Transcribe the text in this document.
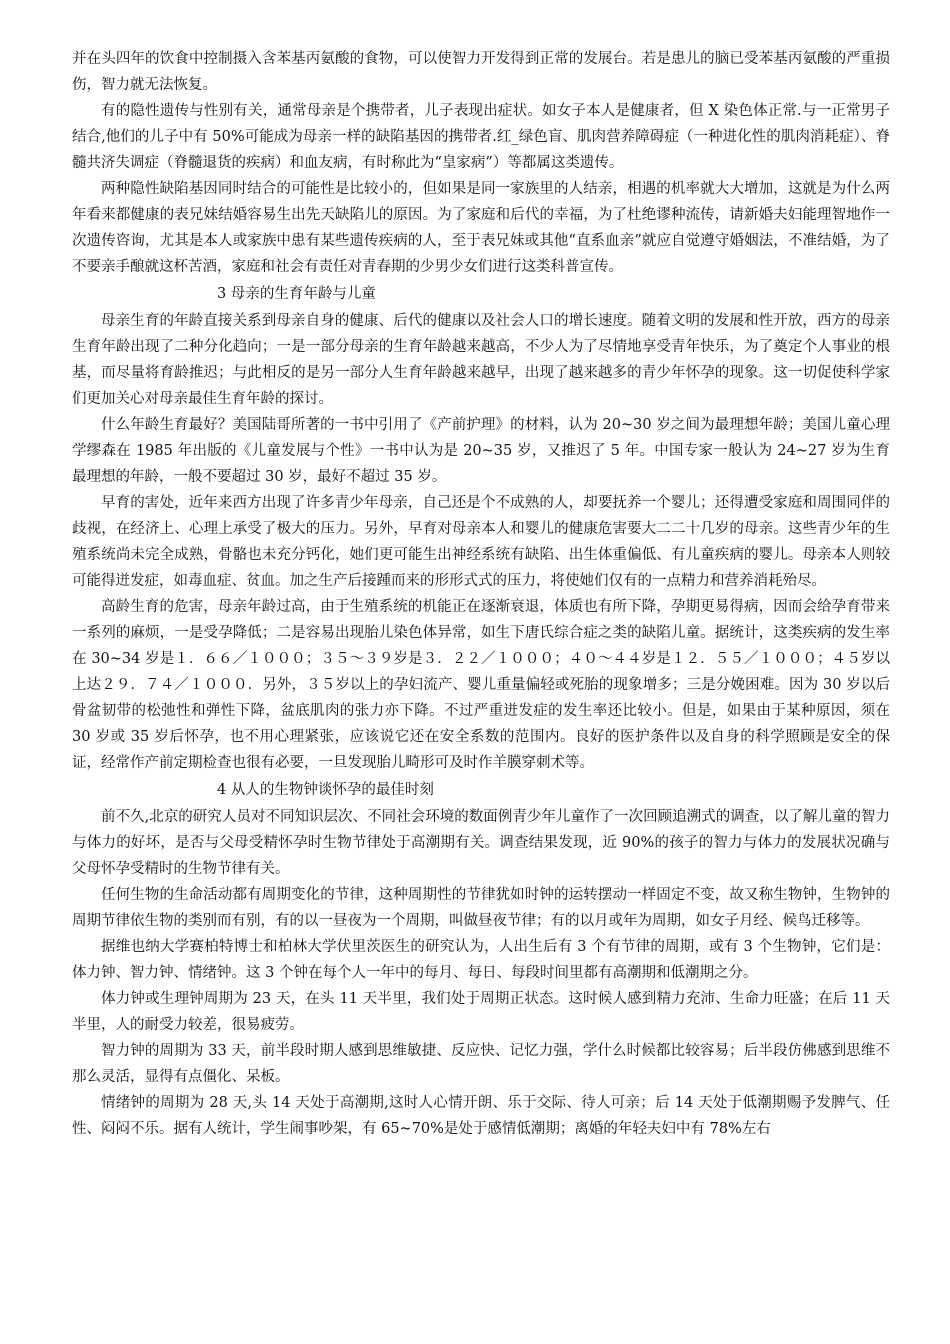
并在头四年的饮食中控制摄入含苯基丙氨酸的食物，可以使智力开发得到正常的发展台。若是患儿的脑已受苯基丙氨酸的严重损伤，智力就无法恢复。

有的隐性遗传与性别有关，通常母亲是个携带者，儿子表现出症状。如女子本人是健康者，但 X 染色体正常.与一正常男子结合,他们的儿子中有 50%可能成为母亲一样的缺陷基因的携带者.红_绿色盲、肌肉营养障碍症（一种进化性的肌肉消耗症）、脊髓共济失调症（脊髓退货的疾病）和血友病，有时称此为“皇家病”）等都属这类遗传。

两种隐性缺陷基因同时结合的可能性是比较小的，但如果是同一家族里的人结亲，相遇的机率就大大增加，这就是为什么两年看来都健康的表兄妹结婚容易生出先天缺陷儿的原因。为了家庭和后代的幸福，为了杜绝谬种流传，请新婚夫妇能理智地作一次遗传咨询，尤其是本人或家族中患有某些遗传疾病的人，至于表兄妹或其他“直系血亲”就应自觉遵守婚姻法，不准结婚，为了不要亲手酿就这杯苦酒，家庭和社会有责任对青春期的少男少女们进行这类科普宣传。

3 母亲的生育年龄与儿童

母亲生育的年龄直接关系到母亲自身的健康、后代的健康以及社会人口的增长速度。随着文明的发展和性开放，西方的母亲生育年龄出现了二种分化趋向；一是一部分母亲的生育年龄越来越高，不少人为了尽情地享受青年快乐，为了奠定个人事业的根基，而尽量将育龄推迟；与此相反的是另一部分人生育年龄越来越早，出现了越来越多的青少年怀孕的现象。这一切促使科学家们更加关心对母亲最佳生育年龄的探讨。

什么年龄生育最好？美国陆哥所著的一书中引用了《产前护理》的材料，认为 20~30 岁之间为最理想年龄；美国儿童心理学缪森在 1985 年出版的《儿童发展与个性》一书中认为是 20~35 岁，又推迟了 5 年。中国专家一般认为 24~27 岁为生育最理想的年龄，一般不要超过 30 岁，最好不超过 35 岁。

早育的害处，近年来西方出现了许多青少年母亲，自己还是个不成熟的人，却要抚养一个婴儿；还得遭受家庭和周围同伴的歧视，在经济上、心理上承受了极大的压力。另外，早育对母亲本人和婴儿的健康危害要大二二十几岁的母亲。这些青少年的生殖系统尚未完全成熟，骨骼也未充分钙化，她们更可能生出神经系统有缺陷、出生体重偏低、有儿童疾病的婴儿。母亲本人则较可能得迸发症，如毒血症、贫血。加之生产后接踵而来的形形式式的压力，将使她们仅有的一点精力和营养消耗殆尽。

高龄生育的危害，母亲年龄过高，由于生殖系统的机能正在逐渐衰退，体质也有所下降，孕期更易得病，因而会给孕育带来一系列的麻烦，一是受孕降低；二是容易出现胎儿染色体异常，如生下唐氏综合症之类的缺陷儿童。据统计，这类疾病的发生率在 30~34 岁是１．６６／１０００；３５～３９岁是３．２２／１０００；４０～４４岁是１２．５５／１０００；４５岁以上达２９．７４／１０００．另外，３５岁以上的孕妇流产、婴儿重量偏轻或死胎的现象增多；三是分娩困难。因为 30 岁以后骨盆韧带的松弛性和弹性下降，盆底肌肉的张力亦下降。不过严重迸发症的发生率还比较小。但是，如果由于某种原因，须在 30 岁或 35 岁后怀孕，也不用心理紧张，应该说它还在安全系数的范围内。良好的医护条件以及自身的科学照顾是安全的保证，经常作产前定期检查也很有必要，一旦发现胎儿畸形可及时作羊膜穿刺术等。

4 从人的生物钟谈怀孕的最佳时刻

前不久,北京的研究人员对不同知识层次、不同社会环境的数面例青少年儿童作了一次回顾追溯式的调查，以了解儿童的智力与体力的好坏，是否与父母受精怀孕时生物节律处于高潮期有关。调查结果发现，近 90%的孩子的智力与体力的发展状况确与父母怀孕受精时的生物节律有关。

任何生物的生命活动都有周期变化的节律，这种周期性的节律犹如时钟的运转摆动一样固定不变，故又称生物钟，生物钟的周期节律依生物的类别而有别，有的以一昼夜为一个周期，叫做昼夜节律；有的以月或年为周期，如女子月经、候鸟迁移等。

据维也纳大学赛柏特博士和柏林大学伏里茨医生的研究认为，人出生后有 3 个有节律的周期，或有 3 个生物钟，它们是：体力钟、智力钟、情绪钟。这 3 个钟在每个人一年中的每月、每日、每段时间里都有高潮期和低潮期之分。

体力钟或生理钟周期为 23 天，在头 11 天半里，我们处于周期正状态。这时候人感到精力充沛、生命力旺盛；在后 11 天半里，人的耐受力较差，很易疲劳。

智力钟的周期为 33 天，前半段时期人感到思维敏捷、反应快、记忆力强，学什么时候都比较容易；后半段仿佛感到思维不那么灵活，显得有点僵化、呆板。

情绪钟的周期为 28 天,头 14 天处于高潮期,这时人心情开朗、乐于交际、待人可亲；后 14 天处于低潮期赐予发脾气、任性、闷闷不乐。据有人统计，学生闹事吵架，有 65~70%是处于感情低潮期；离婚的年轻夫妇中有 78%左右
